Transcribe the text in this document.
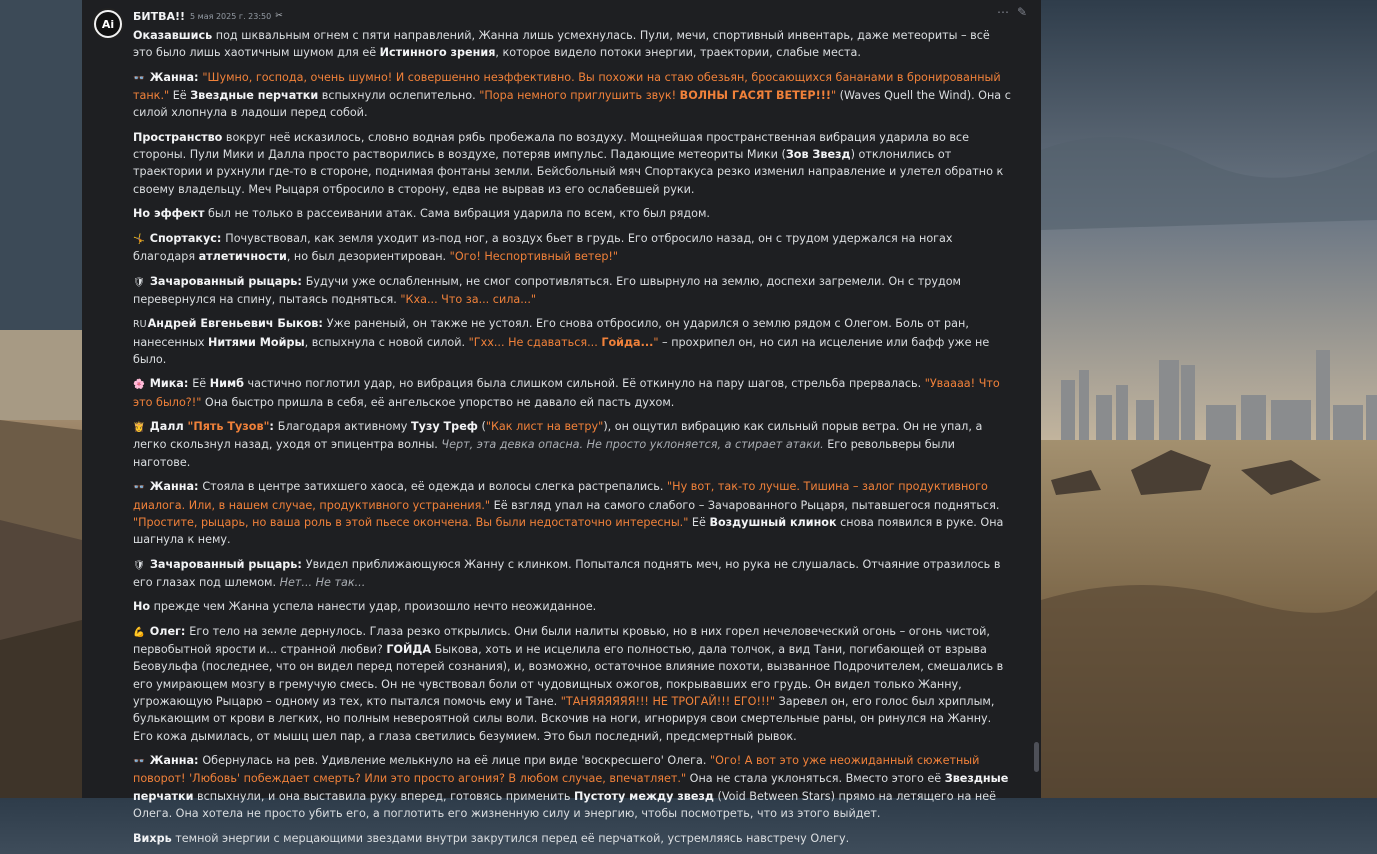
Ai
БИТВА!! 5 мая 2025 г. 23:50 ✂	⋯ ✎
Оказавшись под шквальным огнем с пяти направлений, Жанна лишь усмехнулась. Пули, мечи, спортивный инвентарь, даже метеориты – всё это было лишь хаотичным шумом для её Истинного зрения, которое видело потоки энергии, траектории, слабые места.
👓 Жанна: "Шумно, господа, очень шумно! И совершенно неэффективно. Вы похожи на стаю обезьян, бросающихся бананами в бронированный танк." Её Звездные перчатки вспыхнули ослепительно. "Пора немного приглушить звук! ВОЛНЫ ГАСЯТ ВЕТЕР!!!" (Waves Quell the Wind). Она с силой хлопнула в ладоши перед собой.
Пространство вокруг неё исказилось, словно водная рябь пробежала по воздуху. Мощнейшая пространственная вибрация ударила во все стороны. Пули Мики и Далла просто растворились в воздухе, потеряв импульс. Падающие метеориты Мики (Зов Звезд) отклонились от траектории и рухнули где-то в стороне, поднимая фонтаны земли. Бейсбольный мяч Спортакуса резко изменил направление и улетел обратно к своему владельцу. Меч Рыцаря отбросило в сторону, едва не вырвав из его ослабевшей руки.
Но эффект был не только в рассеивании атак. Сама вибрация ударила по всем, кто был рядом.
🤸 Спортакус: Почувствовал, как земля уходит из-под ног, а воздух бьет в грудь. Его отбросило назад, он с трудом удержался на ногах благодаря атлетичности, но был дезориентирован. "Ого! Неспортивный ветер!"
🛡 Зачарованный рыцарь: Будучи уже ослабленным, не смог сопротивляться. Его швырнуло на землю, доспехи загремели. Он с трудом перевернулся на спину, пытаясь подняться. "Кха... Что за... сила..."
RUАндрей Евгеньевич Быков: Уже раненый, он также не устоял. Его снова отбросило, он ударился о землю рядом с Олегом. Боль от ран, нанесенных Нитями Мойры, вспыхнула с новой силой. "Гхх... Не сдаваться... Гойда..." – прохрипел он, но сил на исцеление или бафф уже не было.
🌸 Мика: Её Нимб частично поглотил удар, но вибрация была слишком сильной. Её откинуло на пару шагов, стрельба прервалась. "Уваааа! Что это было?!" Она быстро пришла в себя, её ангельское упорство не давало ей пасть духом.
👸 Далл "Пять Тузов": Благодаря активному Тузу Треф ("Как лист на ветру"), он ощутил вибрацию как сильный порыв ветра. Он не упал, а легко скользнул назад, уходя от эпицентра волны. Черт, эта девка опасна. Не просто уклоняется, а стирает атаки. Его револьверы были наготове.
👓 Жанна: Стояла в центре затихшего хаоса, её одежда и волосы слегка растрепались. "Ну вот, так-то лучше. Тишина – залог продуктивного диалога. Или, в нашем случае, продуктивного устранения." Её взгляд упал на самого слабого – Зачарованного Рыцаря, пытавшегося подняться. "Простите, рыцарь, но ваша роль в этой пьесе окончена. Вы были недостаточно интересны." Её Воздушный клинок снова появился в руке. Она шагнула к нему.
🛡 Зачарованный рыцарь: Увидел приближающуюся Жанну с клинком. Попытался поднять меч, но рука не слушалась. Отчаяние отразилось в его глазах под шлемом. Нет... Не так...
Но прежде чем Жанна успела нанести удар, произошло нечто неожиданное.
💪 Олег: Его тело на земле дернулось. Глаза резко открылись. Они были налиты кровью, но в них горел нечеловеческий огонь – огонь чистой, первобытной ярости и... странной любви? ГОЙДА Быкова, хоть и не исцелила его полностью, дала толчок, а вид Тани, погибающей от взрыва Беовульфа (последнее, что он видел перед потерей сознания), и, возможно, остаточное влияние похоти, вызванное Подрочителем, смешались в его умирающем мозгу в гремучую смесь. Он не чувствовал боли от чудовищных ожогов, покрывавших его грудь. Он видел только Жанну, угрожающую Рыцарю – одному из тех, кто пытался помочь ему и Тане. "ТАНЯЯЯЯЯЯ!!! НЕ ТРОГАЙ!!! ЕГО!!!" Заревел он, его голос был хриплым, булькающим от крови в легких, но полным невероятной силы воли. Вскочив на ноги, игнорируя свои смертельные раны, он ринулся на Жанну. Его кожа дымилась, от мышц шел пар, а глаза светились безумием. Это был последний, предсмертный рывок.
👓 Жанна: Обернулась на рев. Удивление мелькнуло на её лице при виде 'воскресшего' Олега. "Ого! А вот это уже неожиданный сюжетный поворот! 'Любовь' побеждает смерть? Или это просто агония? В любом случае, впечатляет." Она не стала уклоняться. Вместо этого её Звездные перчатки вспыхнули, и она выставила руку вперед, готовясь применить Пустоту между звезд (Void Between Stars) прямо на летящего на неё Олега. Она хотела не просто убить его, а поглотить его жизненную силу и энергию, чтобы посмотреть, что из этого выйдет.
Вихрь темной энергии с мерцающими звездами внутри закрутился перед её перчаткой, устремляясь навстречу Олегу.
